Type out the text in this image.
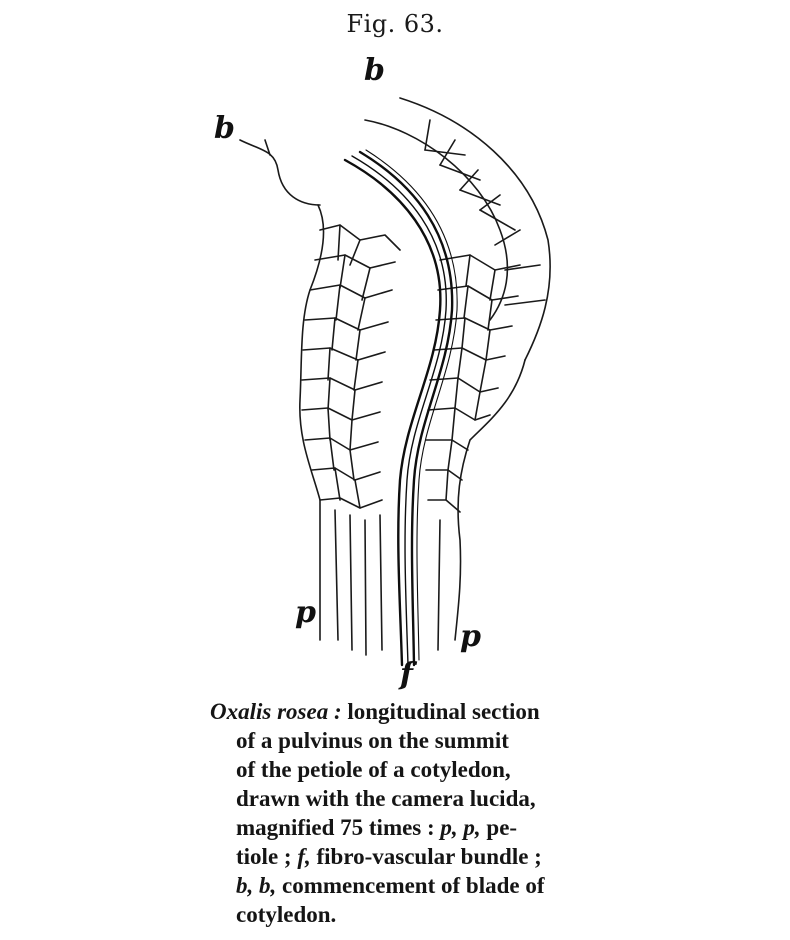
Fig. 63.
b
b
p
p
f
Oxalis rosea : longitudinal section
of a pulvinus on the summit
of the petiole of a cotyledon,
drawn with the camera lucida,
magnified 75 times : p, p, pe-
tiole ; f, fibro-vascular bundle ;
b, b, commencement of blade of
cotyledon.
